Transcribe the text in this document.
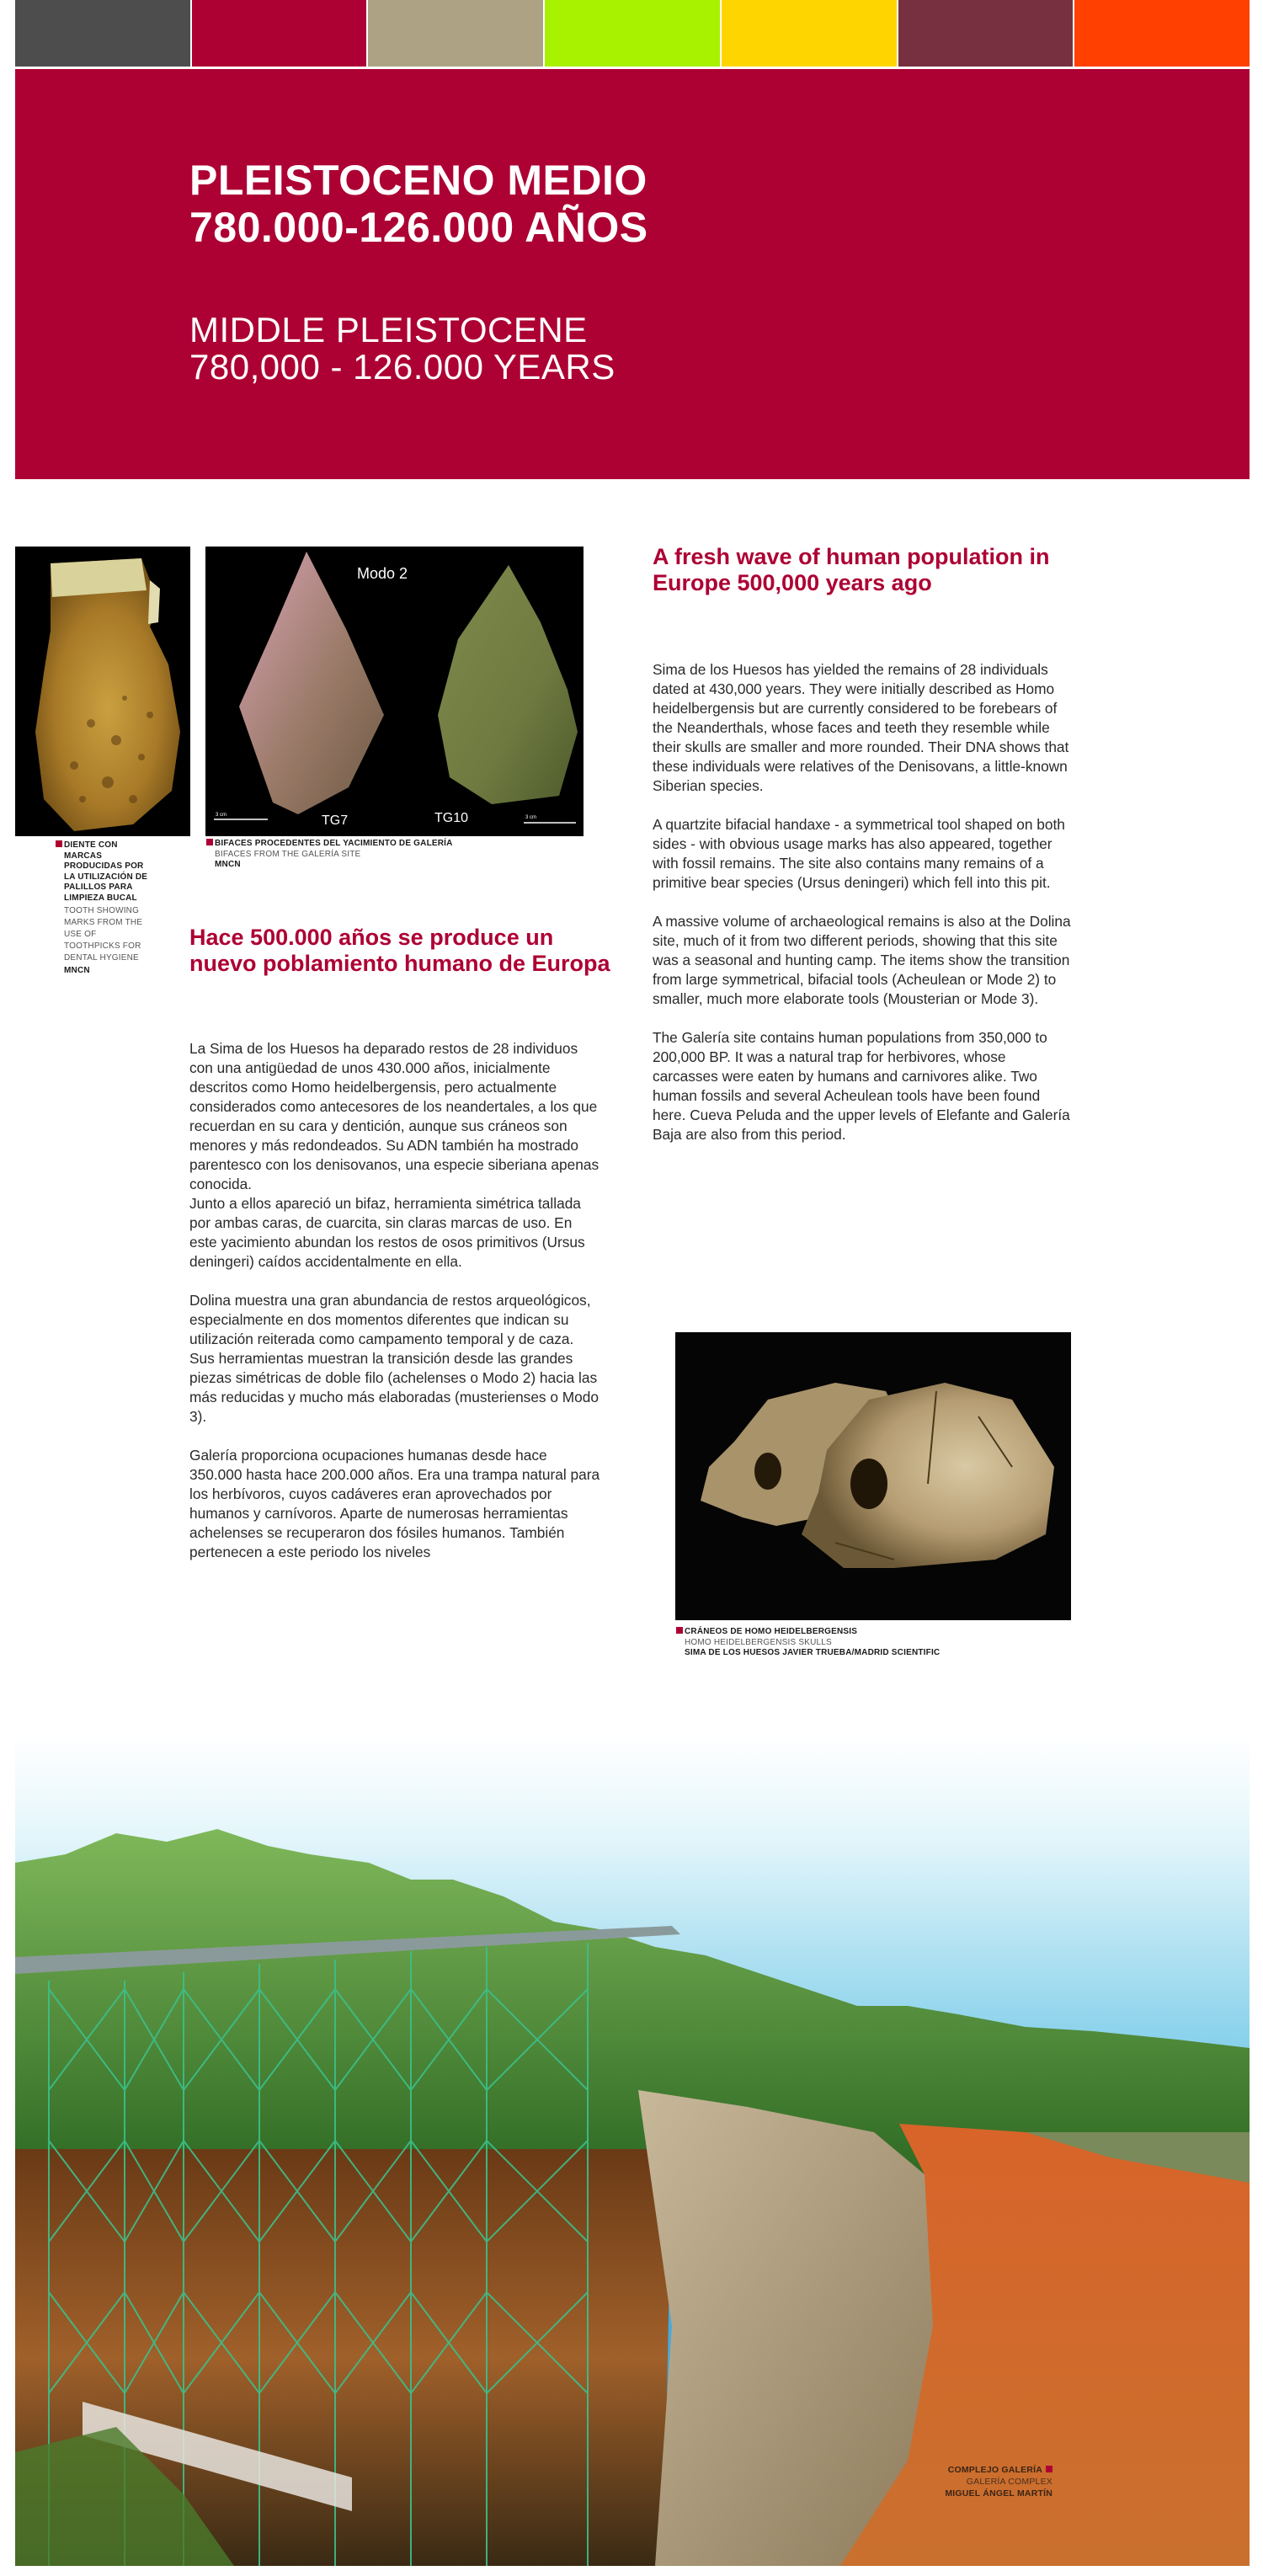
PLEISTOCENO MEDIO
780.000-126.000 AÑOS
MIDDLE PLEISTOCENE
780,000 - 126.000 YEARS
DIENTE CON MARCAS PRODUCIDAS POR LA UTILIZACIÓN DE PALILLOS PARA LIMPIEZA BUCAL
TOOTH SHOWING MARKS FROM THE USE OF TOOTHPICKS FOR DENTAL HYGIENE
MNCN
Modo 2
TG7	TG10
3 cm	3 cm
BIFACES PROCEDENTES DEL YACIMIENTO DE GALERÍA
BIFACES FROM THE GALERÍA SITE
MNCN
Hace 500.000 años se produce un nuevo poblamiento humano de Europa

La Sima de los Huesos ha deparado restos de 28 individuos con una antigüedad de unos 430.000 años, inicialmente descritos como Homo heidelbergensis, pero actualmente considerados como antecesores de los neandertales, a los que recuerdan en su cara y dentición, aunque sus cráneos son menores y más redondeados. Su ADN también ha mostrado parentesco con los denisovanos, una especie siberiana apenas conocida.

Junto a ellos apareció un bifaz, herramienta simétrica tallada por ambas caras, de cuarcita, sin claras marcas de uso. En este yacimiento abundan los restos de osos primitivos (Ursus deningeri) caídos accidentalmente en ella.

Dolina muestra una gran abundancia de restos arqueológicos, especialmente en dos momentos diferentes que indican su utilización reiterada como campamento temporal y de caza. Sus herramientas muestran la transición desde las grandes piezas simétricas de doble filo (achelenses o Modo 2) hacia las más reducidas y mucho más elaboradas (musterienses o Modo 3).

Galería proporciona ocupaciones humanas desde hace 350.000 hasta hace 200.000 años. Era una trampa natural para los herbívoros, cuyos cadáveres eran aprovechados por humanos y carnívoros. Aparte de numerosas herramientas achelenses se recuperaron dos fósiles humanos. También pertenecen a este periodo los niveles

A fresh wave of human population in Europe 500,000 years ago

Sima de los Huesos has yielded the remains of 28 individuals dated at 430,000 years. They were initially described as Homo heidelbergensis but are currently considered to be forebears of the Neanderthals, whose faces and teeth they resemble while their skulls are smaller and more rounded. Their DNA shows that these individuals were relatives of the Denisovans, a little-known Siberian species.

A quartzite bifacial handaxe - a symmetrical tool shaped on both sides - with obvious usage marks has also appeared, together with fossil remains. The site also contains many remains of a primitive bear species (Ursus deningeri) which fell into this pit.

A massive volume of archaeological remains is also at the Dolina site, much of it from two different periods, showing that this site was a seasonal and hunting camp. The items show the transition from large symmetrical, bifacial tools (Acheulean or Mode 2) to smaller, much more elaborate tools (Mousterian or Mode 3).

The Galería site contains human populations from 350,000 to 200,000 BP. It was a natural trap for herbivores, whose carcasses were eaten by humans and carnivores alike. Two human fossils and several Acheulean tools have been found here. Cueva Peluda and the upper levels of Elefante and Galería Baja are also from this period.

CRÁNEOS DE HOMO HEIDELBERGENSIS
HOMO HEIDELBERGENSIS SKULLS
SIMA DE LOS HUESOS JAVIER TRUEBA/MADRID SCIENTIFIC
COMPLEJO GALERÍA
GALERÍA COMPLEX
MIGUEL ÁNGEL MARTÍN
